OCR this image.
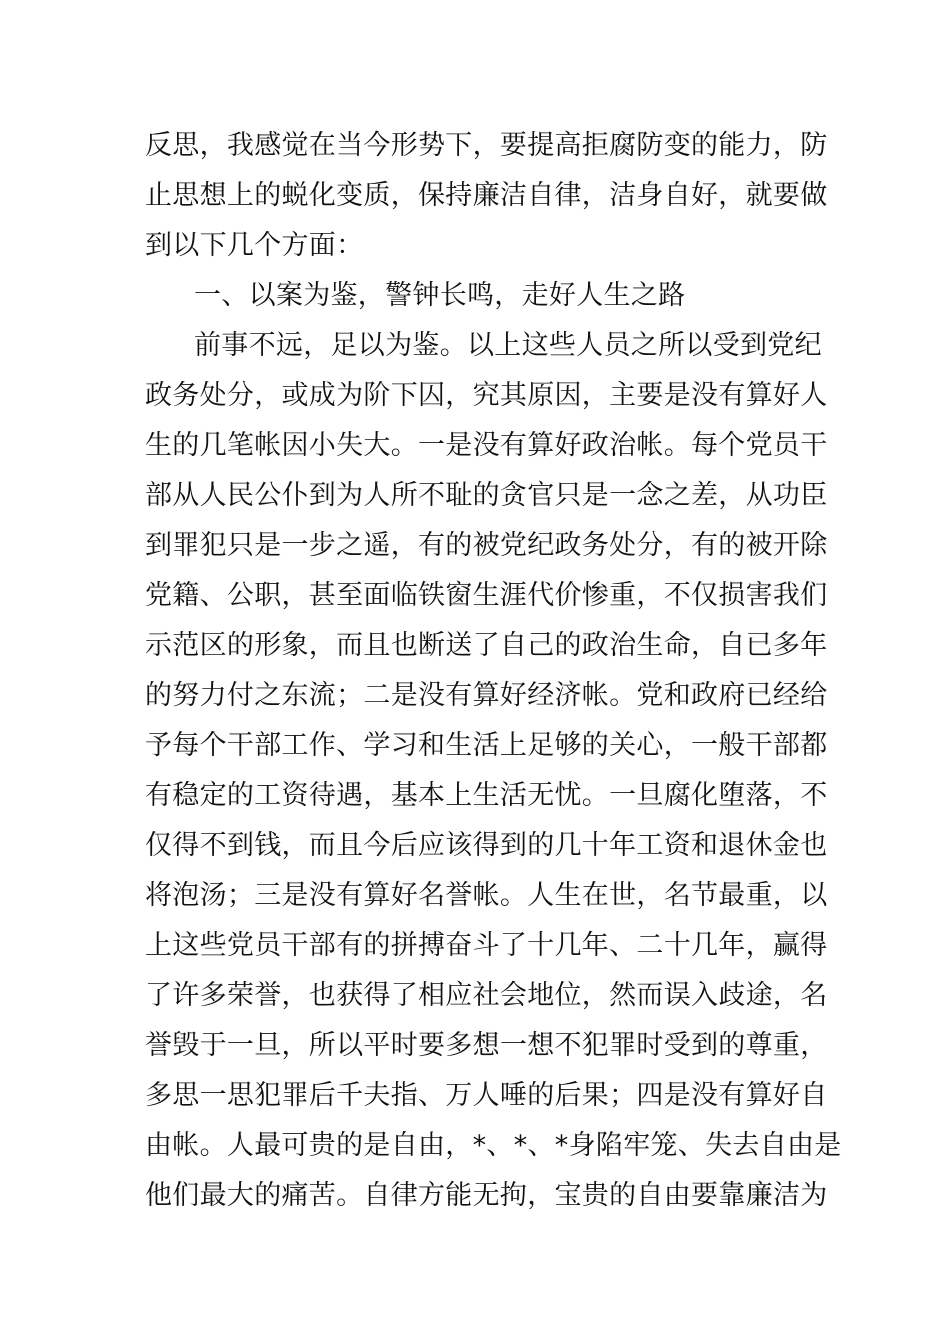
反思，我感觉在当今形势下，要提高拒腐防变的能力，防
止思想上的蜕化变质，保持廉洁自律，洁身自好，就要做
到以下几个方面：
一、以案为鉴，警钟长鸣，走好人生之路
前事不远，足以为鉴。以上这些人员之所以受到党纪
政务处分，或成为阶下囚，究其原因，主要是没有算好人
生的几笔帐因小失大。一是没有算好政治帐。每个党员干
部从人民公仆到为人所不耻的贪官只是一念之差，从功臣
到罪犯只是一步之遥，有的被党纪政务处分，有的被开除
党籍、公职，甚至面临铁窗生涯代价惨重，不仅损害我们
示范区的形象，而且也断送了自己的政治生命，自已多年
的努力付之东流；二是没有算好经济帐。党和政府已经给
予每个干部工作、学习和生活上足够的关心，一般干部都
有稳定的工资待遇，基本上生活无忧。一旦腐化堕落，不
仅得不到钱，而且今后应该得到的几十年工资和退休金也
将泡汤；三是没有算好名誉帐。人生在世，名节最重，以
上这些党员干部有的拼搏奋斗了十几年、二十几年，赢得
了许多荣誉，也获得了相应社会地位，然而误入歧途，名
誉毁于一旦，所以平时要多想一想不犯罪时受到的尊重，
多思一思犯罪后千夫指、万人唾的后果；四是没有算好自
由帐。人最可贵的是自由，*、*、*身陷牢笼、失去自由是
他们最大的痛苦。自律方能无拘，宝贵的自由要靠廉洁为
